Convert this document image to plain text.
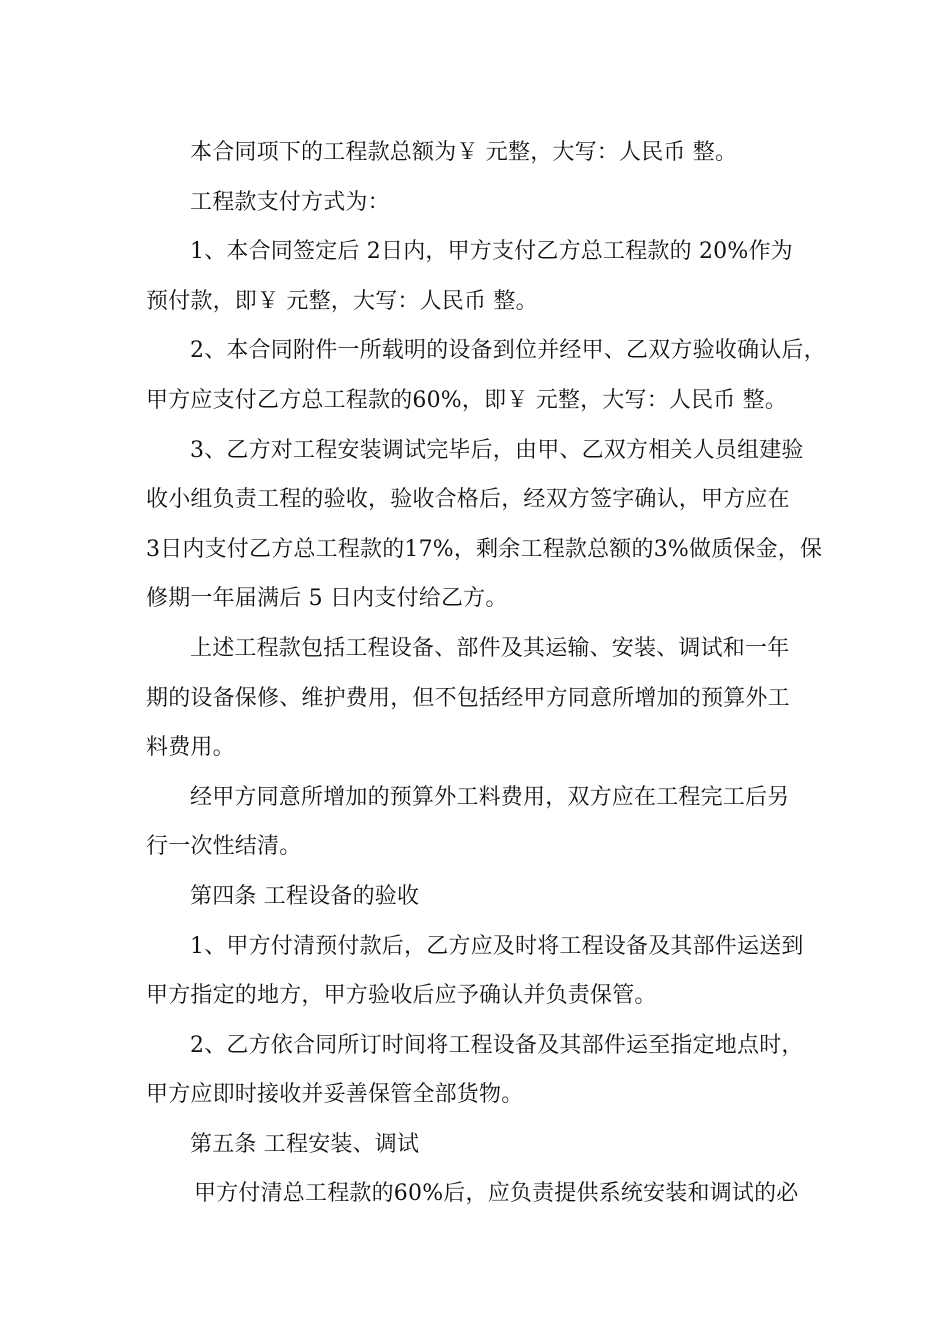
本合同项下的工程款总额为￥ 元整，大写：人民币 整。
工程款支付方式为：
1、本合同签定后 2日内，甲方支付乙方总工程款的 20%作为
预付款，即￥ 元整，大写：人民币 整。
2、本合同附件一所载明的设备到位并经甲、乙双方验收确认后，
甲方应支付乙方总工程款的60%，即￥ 元整，大写：人民币 整。
3、乙方对工程安装调试完毕后，由甲、乙双方相关人员组建验
收小组负责工程的验收，验收合格后，经双方签字确认，甲方应在
3日内支付乙方总工程款的17%，剩余工程款总额的3%做质保金，保
修期一年届满后 5 日内支付给乙方。
上述工程款包括工程设备、部件及其运输、安装、调试和一年
期的设备保修、维护费用，但不包括经甲方同意所增加的预算外工
料费用。
经甲方同意所增加的预算外工料费用，双方应在工程完工后另
行一次性结清。
第四条 工程设备的验收
1、甲方付清预付款后，乙方应及时将工程设备及其部件运送到
甲方指定的地方，甲方验收后应予确认并负责保管。
2、乙方依合同所订时间将工程设备及其部件运至指定地点时，
甲方应即时接收并妥善保管全部货物。
第五条 工程安装、调试
甲方付清总工程款的60%后，应负责提供系统安装和调试的必
